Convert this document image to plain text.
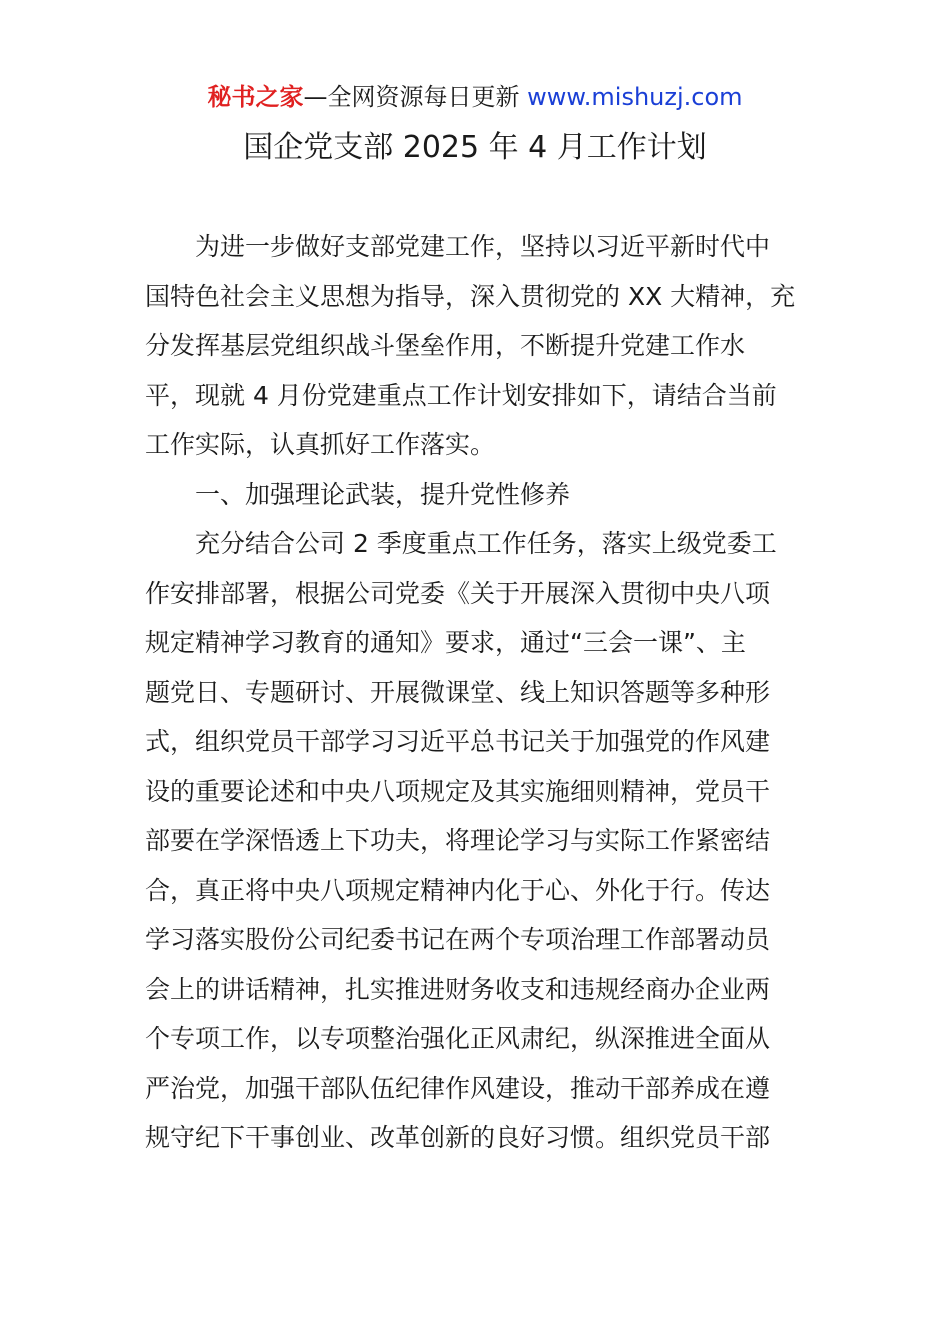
秘书之家—全网资源每日更新 www.mishuzj.com
国企党支部 2025 年 4 月工作计划
为进一步做好支部党建工作，坚持以习近平新时代中
国特色社会主义思想为指导，深入贯彻党的 XX 大精神，充
分发挥基层党组织战斗堡垒作用，不断提升党建工作水
平，现就 4 月份党建重点工作计划安排如下，请结合当前
工作实际，认真抓好工作落实。
一、加强理论武装，提升党性修养
充分结合公司 2 季度重点工作任务，落实上级党委工
作安排部署，根据公司党委《关于开展深入贯彻中央八项
规定精神学习教育的通知》要求，通过“三会一课”、主
题党日、专题研讨、开展微课堂、线上知识答题等多种形
式，组织党员干部学习习近平总书记关于加强党的作风建
设的重要论述和中央八项规定及其实施细则精神，党员干
部要在学深悟透上下功夫，将理论学习与实际工作紧密结
合，真正将中央八项规定精神内化于心、外化于行。传达
学习落实股份公司纪委书记在两个专项治理工作部署动员
会上的讲话精神，扎实推进财务收支和违规经商办企业两
个专项工作，以专项整治强化正风肃纪，纵深推进全面从
严治党，加强干部队伍纪律作风建设，推动干部养成在遵
规守纪下干事创业、改革创新的良好习惯。组织党员干部
